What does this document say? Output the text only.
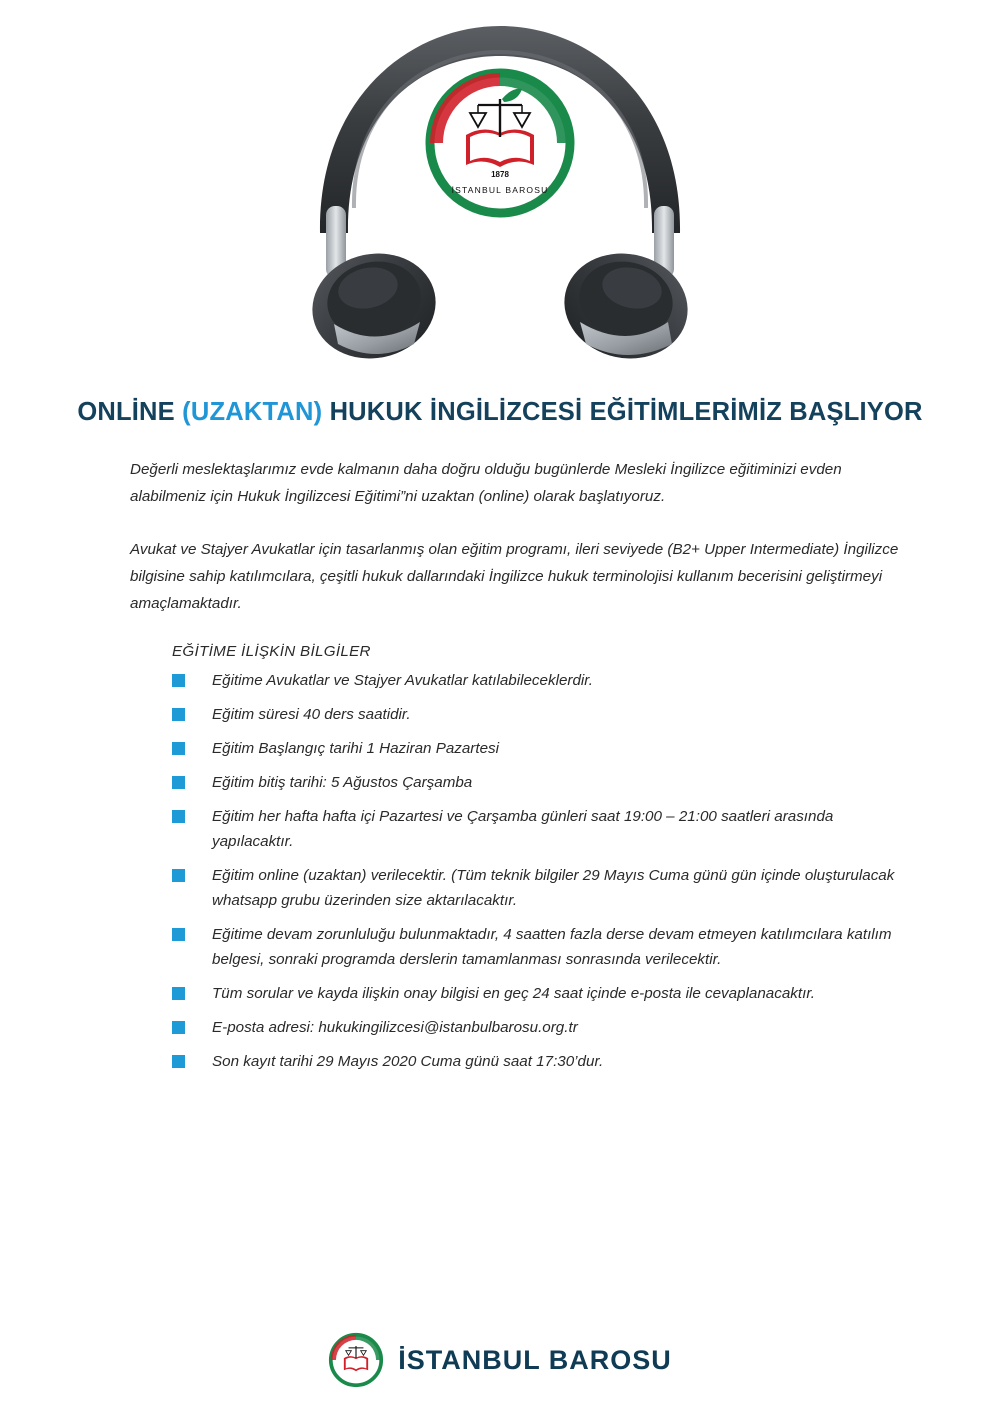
1878
İSTANBUL BAROSU
ONLİNE (UZAKTAN) HUKUK İNGİLİZCESİ EĞİTİMLERİMİZ BAŞLIYOR

Değerli meslektaşlarımız evde kalmanın daha doğru olduğu bugünlerde Mesleki İngilizce eğitiminizi evden alabilmeniz için Hukuk İngilizcesi Eğitimi”ni uzaktan (online) olarak başlatıyoruz.

Avukat ve Stajyer Avukatlar için tasarlanmış olan eğitim programı, ileri seviyede (B2+ Upper Intermediate) İngilizce bilgisine sahip katılımcılara, çeşitli hukuk dallarındaki İngilizce hukuk terminolojisi kullanım becerisini geliştirmeyi amaçlamaktadır.

EĞİTİME İLİŞKİN BİLGİLER
Eğitime Avukatlar ve Stajyer Avukatlar katılabileceklerdir.
Eğitim süresi 40 ders saatidir.
Eğitim Başlangıç tarihi 1 Haziran Pazartesi
Eğitim bitiş tarihi: 5 Ağustos Çarşamba
Eğitim her hafta hafta içi Pazartesi ve Çarşamba günleri saat 19:00 – 21:00 saatleri arasında yapılacaktır.
Eğitim online (uzaktan) verilecektir. (Tüm teknik bilgiler 29 Mayıs Cuma günü gün içinde oluşturulacak whatsapp grubu üzerinden size aktarılacaktır.
Eğitime devam zorunluluğu bulunmaktadır, 4 saatten fazla derse devam etmeyen katılımcılara katılım belgesi, sonraki programda derslerin tamamlanması sonrasında verilecektir.
Tüm sorular ve kayda ilişkin onay bilgisi en geç 24 saat içinde e-posta ile cevaplanacaktır.
E-posta adresi: hukukingilizcesi@istanbulbarosu.org.tr
Son kayıt tarihi 29 Mayıs 2020 Cuma günü saat 17:30’dur.
İSTANBUL BAROSU
